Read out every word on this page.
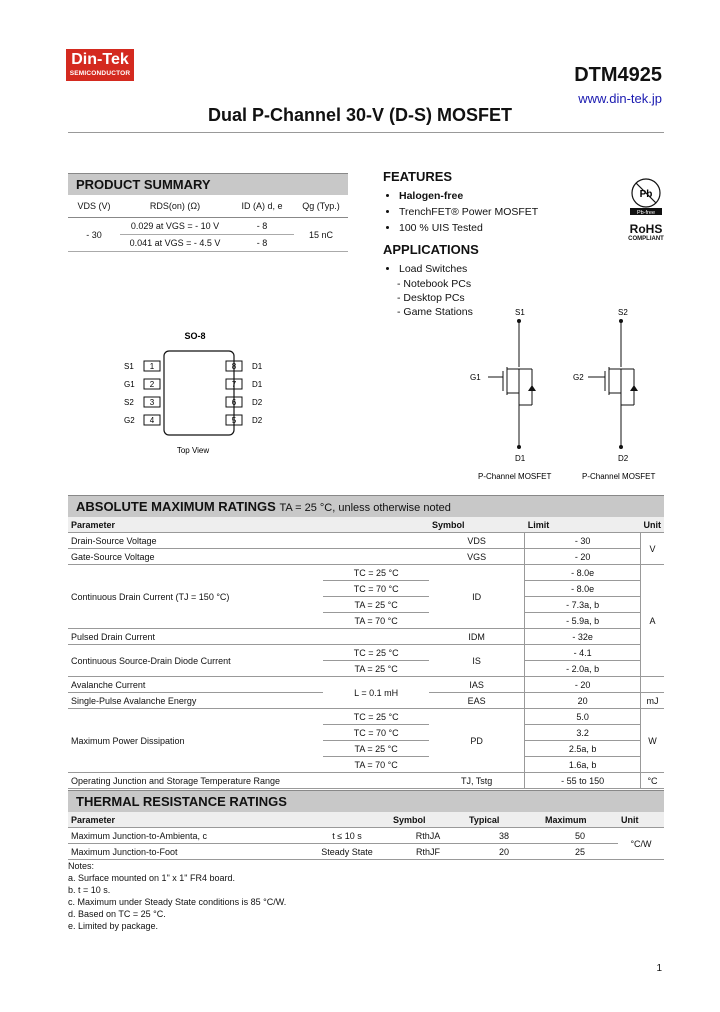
Din-Tek
SEMICONDUCTOR	DTM4925
www.din-tek.jp
Dual P-Channel 30-V (D-S) MOSFET
PRODUCT SUMMARY
VDS (V)	RDS(on) (Ω)	ID (A) d, e	Qg (Typ.)
- 30	0.029 at VGS = - 10 V	- 8	15 nC
	0.041 at VGS = - 4.5 V	- 8	
FEATURES
• Halogen-free
• TrenchFET® Power MOSFET
• 100 % UIS Tested
APPLICATIONS
• Load Switches
- Notebook PCs
- Desktop PCs
- Game Stations
Pb
Pb-free
RoHS
COMPLIANT
SO-8
1
2
3
4
8
7
6
5
S1
G1
S2
G2
D1
D1
D2
D2
Top View
S1
G1
D1
S2
G2
D2
P-Channel MOSFET	P-Channel MOSFET
ABSOLUTE MAXIMUM RATINGS TA = 25 °C, unless otherwise noted
Parameter		Symbol	Limit	Unit
Drain-Source Voltage		VDS	- 30	V
Gate-Source Voltage		VGS	- 20	
Continuous Drain Current (TJ = 150 °C)	TC = 25 °C	ID	- 8.0e	A
	TC = 70 °C		- 8.0e	
	TA = 25 °C		- 7.3a, b	
	TA = 70 °C		- 5.9a, b	
Pulsed Drain Current		IDM	- 32e	
Continuous Source-Drain Diode Current	TC = 25 °C	IS	- 4.1	
	TA = 25 °C		- 2.0a, b	
Avalanche Current	L = 0.1 mH	IAS	- 20	
Single-Pulse Avalanche Energy		EAS	20	mJ
Maximum Power Dissipation	TC = 25 °C	PD	5.0	W
	TC = 70 °C		3.2	
	TA = 25 °C		2.5a, b	
	TA = 70 °C		1.6a, b	
Operating Junction and Storage Temperature Range		TJ, Tstg	- 55 to 150	°C
THERMAL RESISTANCE RATINGS
Parameter		Symbol	Typical	Maximum	Unit
Maximum Junction-to-Ambienta, c	t ≤ 10 s	RthJA	38	50	°C/W
Maximum Junction-to-Foot	Steady State	RthJF	20	25	
Notes:
a. Surface mounted on 1" x 1" FR4 board.
b. t = 10 s.
c. Maximum under Steady State conditions is 85 °C/W.
d. Based on TC = 25 °C.
e. Limited by package.
1
